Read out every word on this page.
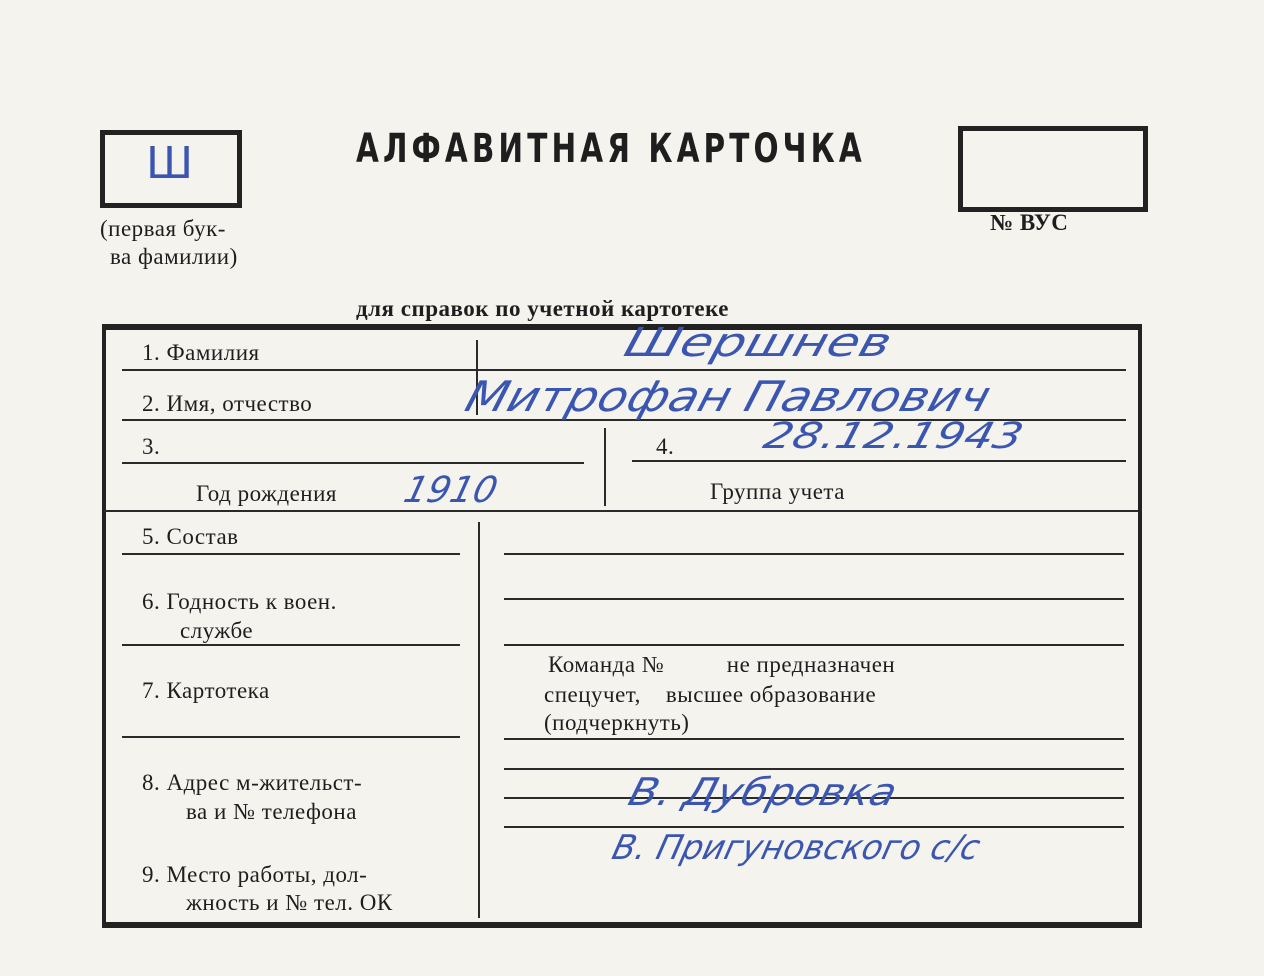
Ш
(первая бук-
ва фамилии)
АЛФАВИТНАЯ КАРТОЧКА
№ ВУС
для справок по учетной картотеке
1. Фамилия
2. Имя, отчество
3.	4.
Год рождения	Группа учета
5. Состав
6. Годность к воен.
службе
7. Картотека
8. Адрес м-жительст-
ва и № телефона
9. Место работы, дол-
жность и № тел. ОК
Команда №          не предназначен
спецучет,    высшее образование
(подчеркнуть)
Шершнев
Митрофан Павлович
28.12.1943
1910
В. Дубровка
В. Пригуновского с/с
